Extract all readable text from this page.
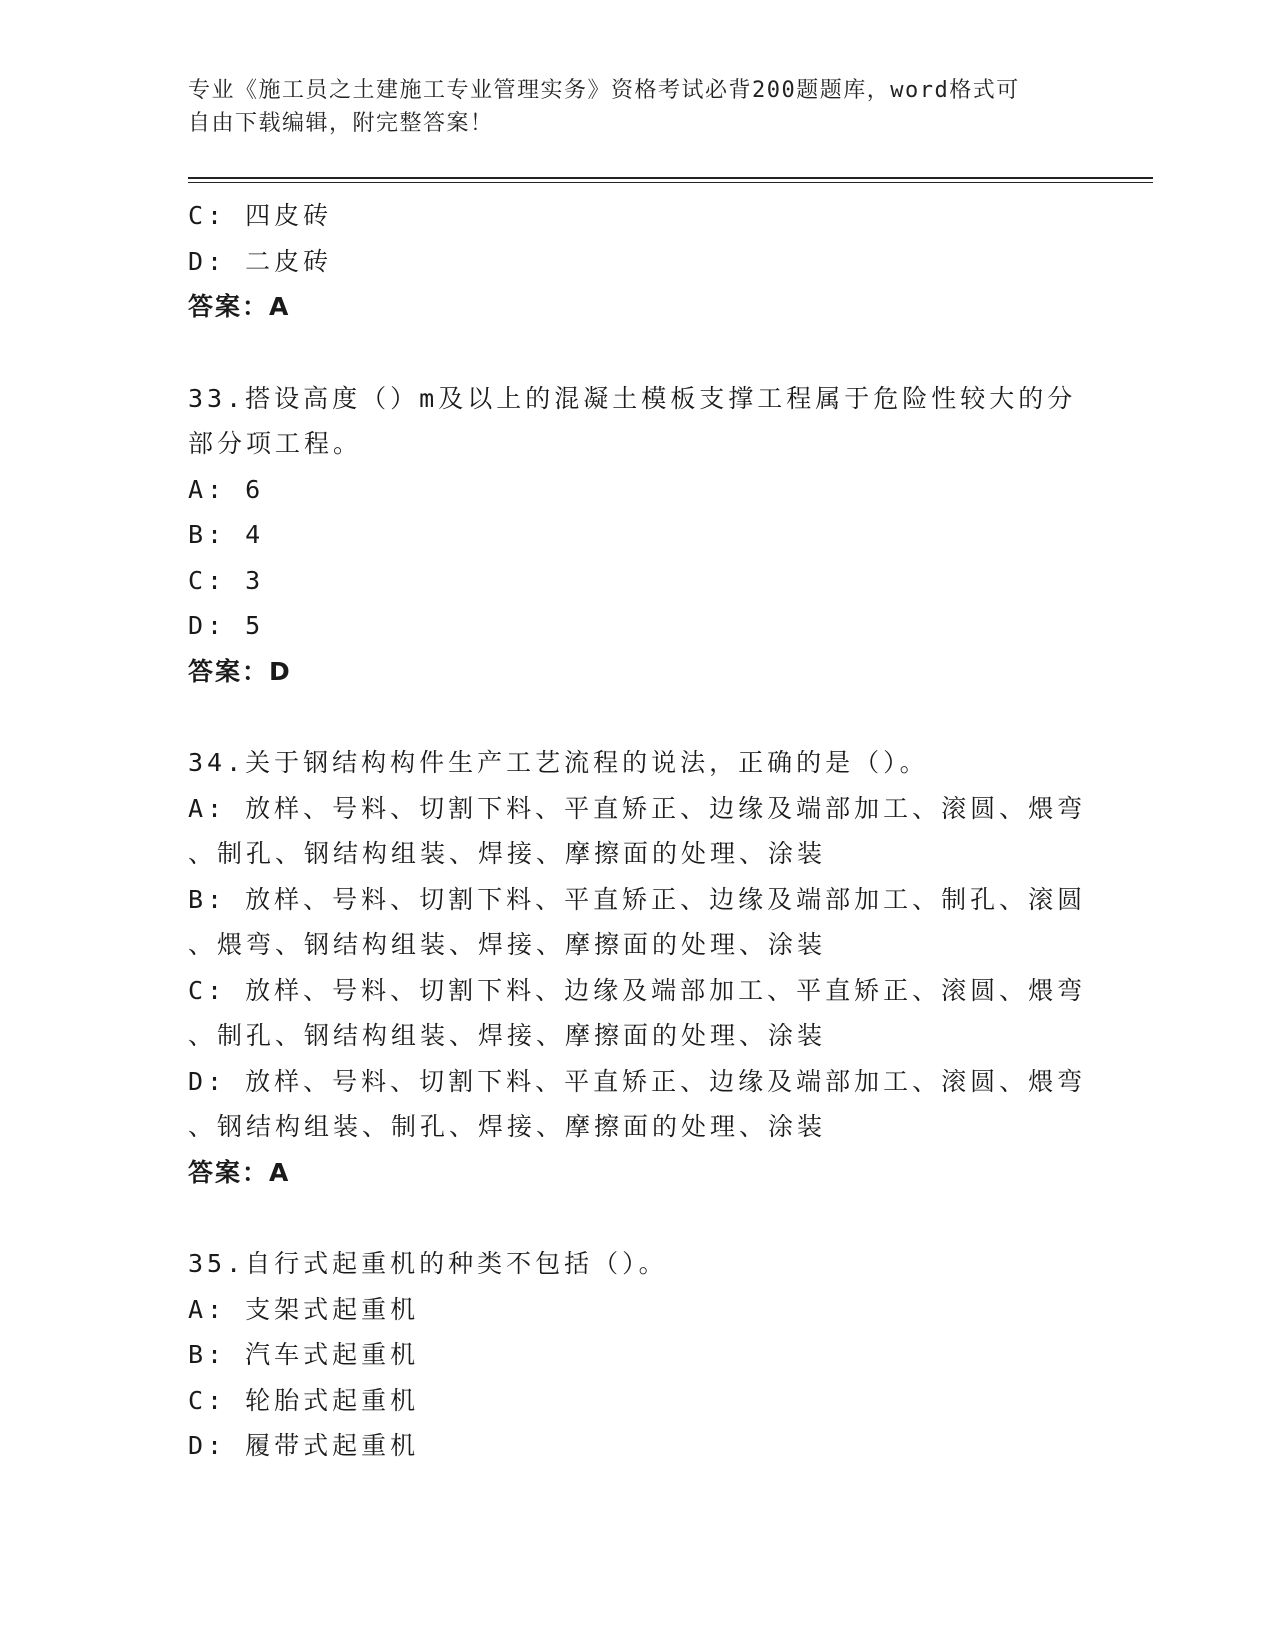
专业《施工员之土建施工专业管理实务》资格考试必背200题题库，word格式可
自由下载编辑，附完整答案！
C: 四皮砖
D: 二皮砖
答案：A
33.搭设高度（）m及以上的混凝土模板支撑工程属于危险性较大的分
部分项工程。
A: 6
B: 4
C: 3
D: 5
答案：D
34.关于钢结构构件生产工艺流程的说法，正确的是（）。
A: 放样、号料、切割下料、平直矫正、边缘及端部加工、滚圆、煨弯
、制孔、钢结构组装、焊接、摩擦面的处理、涂装
B: 放样、号料、切割下料、平直矫正、边缘及端部加工、制孔、滚圆
、煨弯、钢结构组装、焊接、摩擦面的处理、涂装
C: 放样、号料、切割下料、边缘及端部加工、平直矫正、滚圆、煨弯
、制孔、钢结构组装、焊接、摩擦面的处理、涂装
D: 放样、号料、切割下料、平直矫正、边缘及端部加工、滚圆、煨弯
、钢结构组装、制孔、焊接、摩擦面的处理、涂装
答案：A
35.自行式起重机的种类不包括（）。
A: 支架式起重机
B: 汽车式起重机
C: 轮胎式起重机
D: 履带式起重机
